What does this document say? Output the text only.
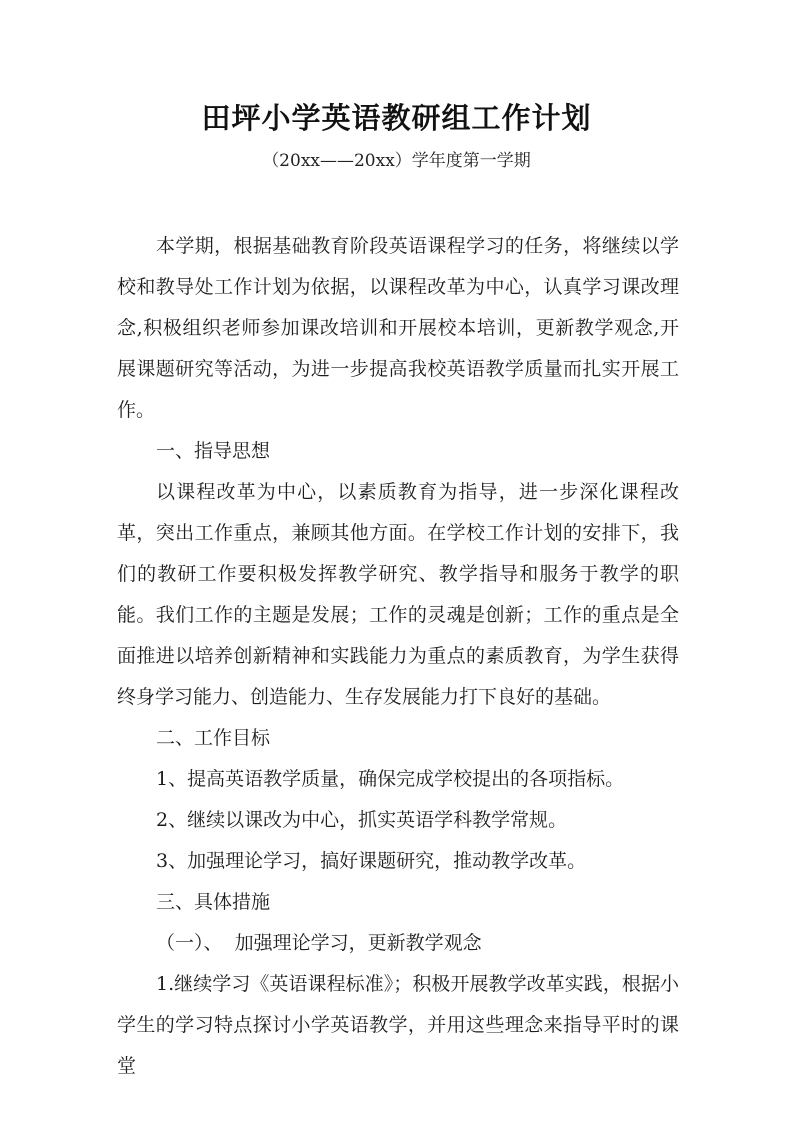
田坪小学英语教研组工作计划
（20xx——20xx）学年度第一学期

本学期，根据基础教育阶段英语课程学习的任务，将继续以学校和教导处工作计划为依据，以课程改革为中心，认真学习课改理念,积极组织老师参加课改培训和开展校本培训，更新教学观念,开展课题研究等活动，为进一步提高我校英语教学质量而扎实开展工作。

一、指导思想

以课程改革为中心，以素质教育为指导，进一步深化课程改革，突出工作重点，兼顾其他方面。在学校工作计划的安排下，我们的教研工作要积极发挥教学研究、教学指导和服务于教学的职能。我们工作的主题是发展；工作的灵魂是创新；工作的重点是全面推进以培养创新精神和实践能力为重点的素质教育，为学生获得终身学习能力、创造能力、生存发展能力打下良好的基础。

二、工作目标

1、提高英语教学质量，确保完成学校提出的各项指标。

2、继续以课改为中心，抓实英语学科教学常规。

3、加强理论学习，搞好课题研究，推动教学改革。

三、具体措施

（一）、  加强理论学习，更新教学观念

1.继续学习《英语课程标准》；积极开展教学改革实践，根据小学生的学习特点探讨小学英语教学，并用这些理念来指导平时的课堂
